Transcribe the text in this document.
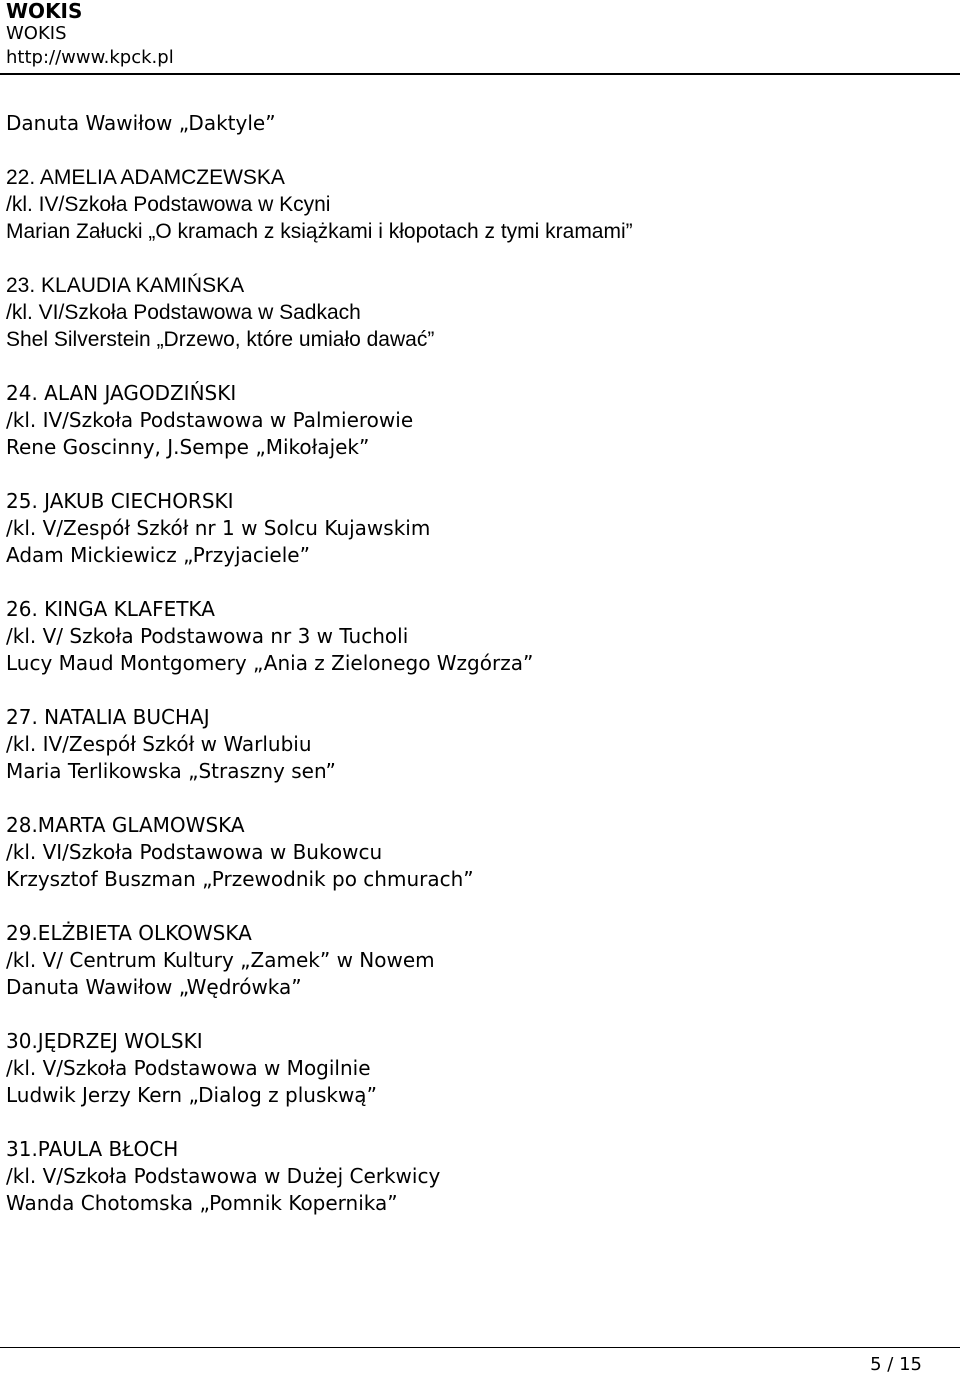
WOKIS
WOKIS
http://www.kpck.pl
Danuta Wawiłow „Daktyle”
22. AMELIA ADAMCZEWSKA
/kl. IV/Szkoła Podstawowa w Kcyni
Marian Załucki „O kramach z książkami i kłopotach z tymi kramami”
23. KLAUDIA KAMIŃSKA
/kl. VI/Szkoła Podstawowa w Sadkach
Shel Silverstein „Drzewo, które umiało dawać”
24. ALAN JAGODZIŃSKI
/kl. IV/Szkoła Podstawowa w Palmierowie
Rene Goscinny, J.Sempe „Mikołajek”
25. JAKUB CIECHORSKI
/kl. V/Zespół Szkół nr 1 w Solcu Kujawskim
Adam Mickiewicz „Przyjaciele”
26. KINGA KLAFETKA
/kl. V/ Szkoła Podstawowa nr 3 w Tucholi
Lucy Maud Montgomery „Ania z Zielonego Wzgórza”
27. NATALIA BUCHAJ
/kl. IV/Zespół Szkół w Warlubiu
Maria Terlikowska „Straszny sen”
28.MARTA GLAMOWSKA
/kl. VI/Szkoła Podstawowa w Bukowcu
Krzysztof Buszman „Przewodnik po chmurach”
29.ELŻBIETA OLKOWSKA
/kl. V/ Centrum Kultury „Zamek” w Nowem
Danuta Wawiłow „Wędrówka”
30.JĘDRZEJ WOLSKI
/kl. V/Szkoła Podstawowa w Mogilnie
Ludwik Jerzy Kern „Dialog z pluskwą”
31.PAULA BŁOCH
/kl. V/Szkoła Podstawowa w Dużej Cerkwicy
Wanda Chotomska „Pomnik Kopernika”
5 / 15
